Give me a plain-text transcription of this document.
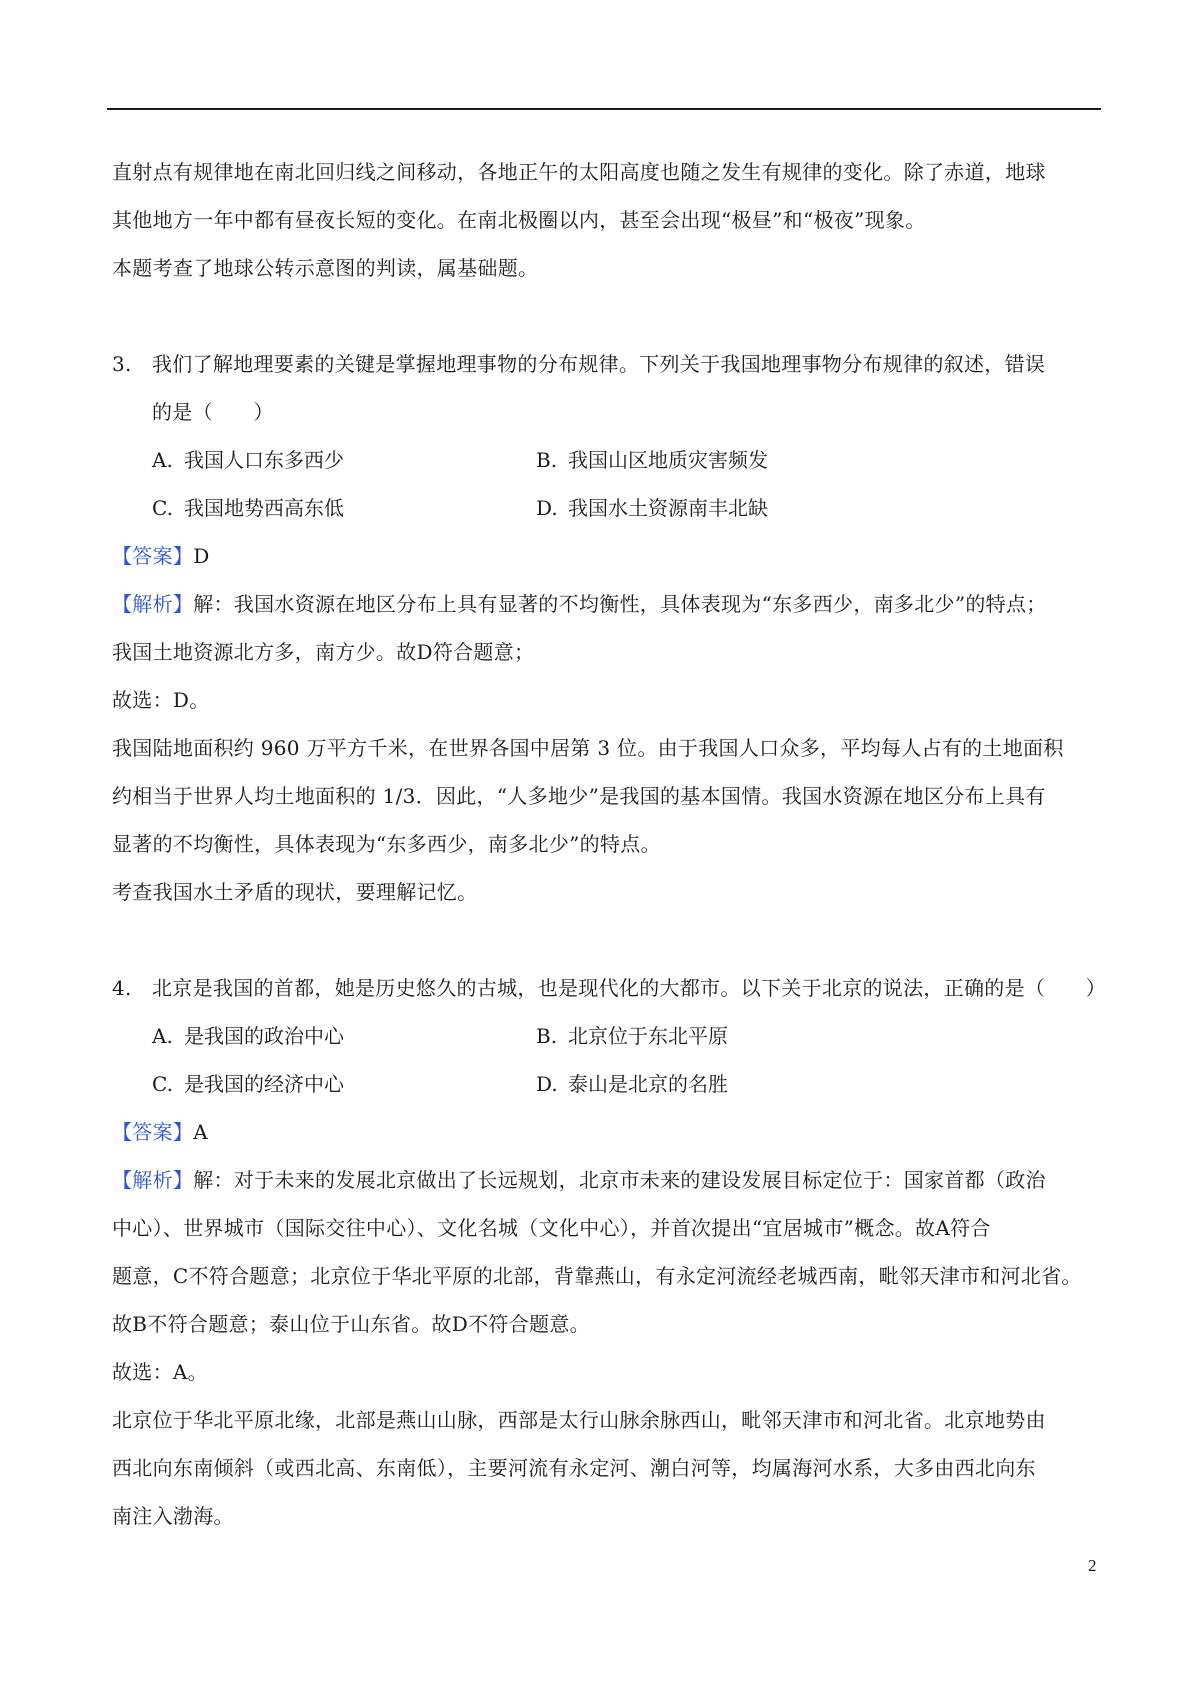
直射点有规律地在南北回归线之间移动，各地正午的太阳高度也随之发生有规律的变化。除了赤道，地球
其他地方一年中都有昼夜长短的变化。在南北极圈以内，甚至会出现“极昼”和“极夜”现象。
本题考查了地球公转示意图的判读，属基础题。
3. 我们了解地理要素的关键是掌握地理事物的分布规律。下列关于我国地理事物分布规律的叙述，错误
的是（　　）
A. 我国人口东多西少	B. 我国山区地质灾害频发
C. 我国地势西高东低	D. 我国水土资源南丰北缺
【答案】D
【解析】解：我国水资源在地区分布上具有显著的不均衡性，具体表现为“东多西少，南多北少”的特点；
我国土地资源北方多，南方少。故D符合题意；
故选：D。
我国陆地面积约 960 万平方千米，在世界各国中居第 3 位。由于我国人口众多，平均每人占有的土地面积
约相当于世界人均土地面积的 1/3．因此，“人多地少”是我国的基本国情。我国水资源在地区分布上具有
显著的不均衡性，具体表现为“东多西少，南多北少”的特点。
考查我国水土矛盾的现状，要理解记忆。
4. 北京是我国的首都，她是历史悠久的古城，也是现代化的大都市。以下关于北京的说法，正确的是（　　）
A. 是我国的政治中心	B. 北京位于东北平原
C. 是我国的经济中心	D. 泰山是北京的名胜
【答案】A
【解析】解：对于未来的发展北京做出了长远规划，北京市未来的建设发展目标定位于：国家首都（政治
中心）、世界城市（国际交往中心）、文化名城（文化中心），并首次提出“宜居城市”概念。故A符合
题意，C不符合题意；北京位于华北平原的北部，背靠燕山，有永定河流经老城西南，毗邻天津市和河北省。
故B不符合题意；泰山位于山东省。故D不符合题意。
故选：A。
北京位于华北平原北缘，北部是燕山山脉，西部是太行山脉余脉西山，毗邻天津市和河北省。北京地势由
西北向东南倾斜（或西北高、东南低），主要河流有永定河、潮白河等，均属海河水系，大多由西北向东
南注入渤海。
2
